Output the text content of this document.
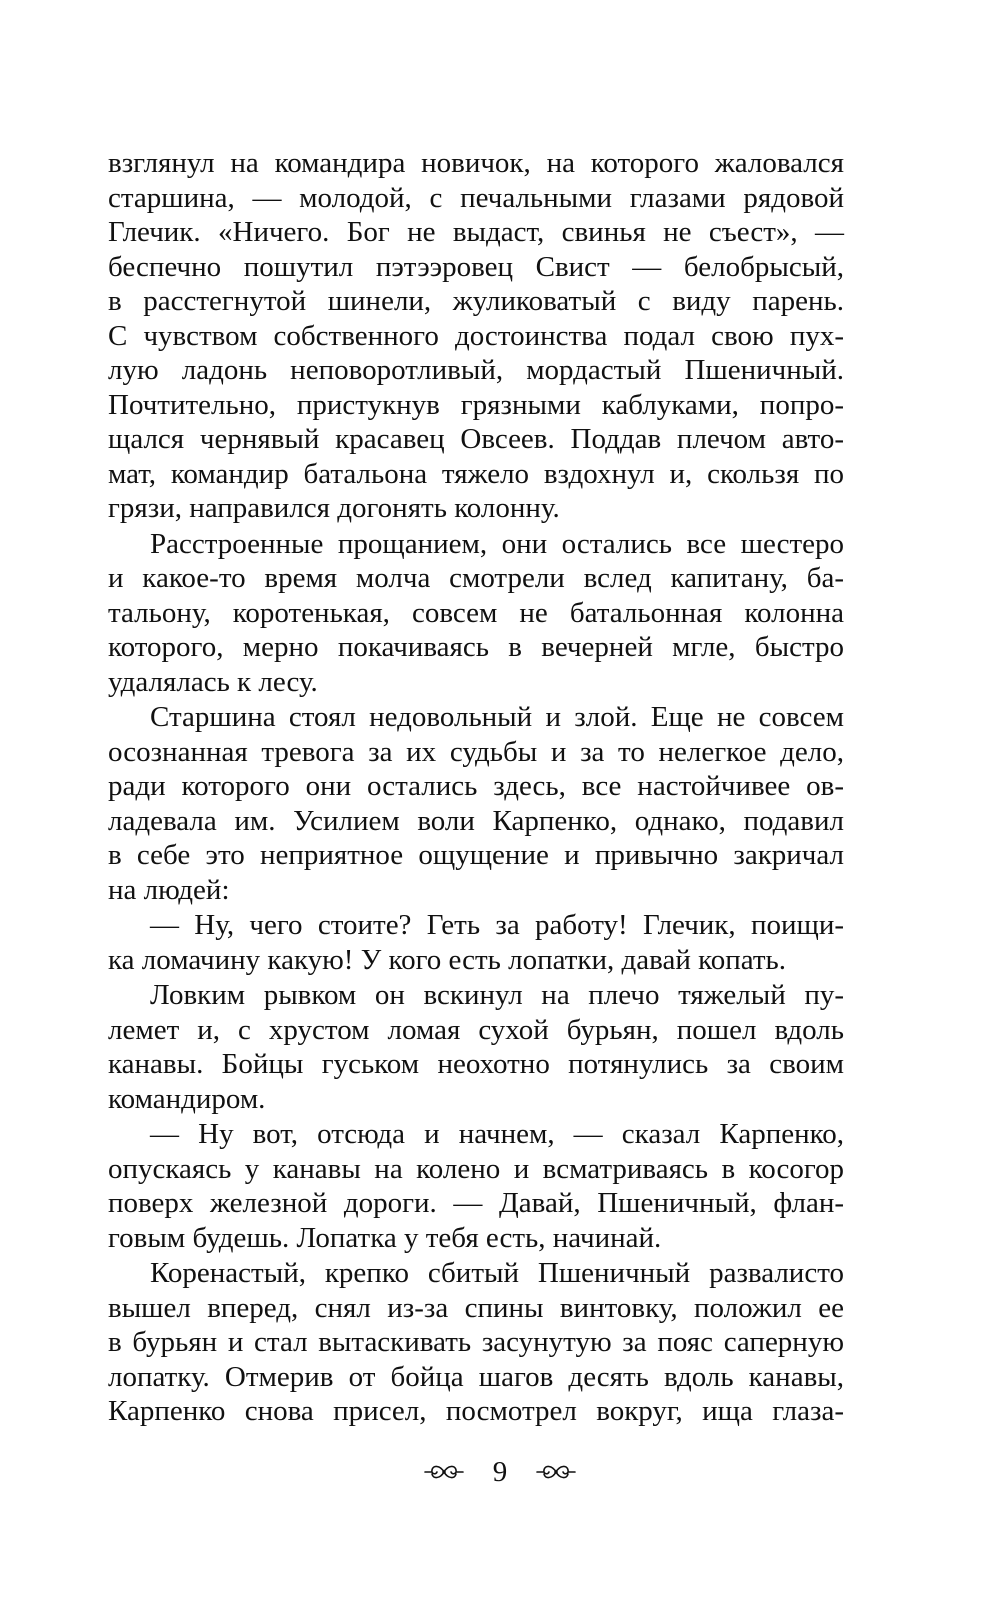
взглянул на командира новичок, на которого жаловался
старшина, — молодой, с печальными глазами рядовой
Глечик. «Ничего. Бог не выдаст, свинья не съест», —
беспечно пошутил пэтээровец Свист — белобрысый,
в расстегнутой шинели, жуликоватый с виду парень.
С чувством собственного достоинства подал свою пух-
лую ладонь неповоротливый, мордастый Пшеничный.
Почтительно, пристукнув грязными каблуками, попро-
щался чернявый красавец Овсеев. Поддав плечом авто-
мат, командир батальона тяжело вздохнул и, скользя по
грязи, направился догонять колонну.
Расстроенные прощанием, они остались все шестеро
и какое-то время молча смотрели вслед капитану, ба-
тальону, коротенькая, совсем не батальонная колонна
которого, мерно покачиваясь в вечерней мгле, быстро
удалялась к лесу.
Старшина стоял недовольный и злой. Еще не совсем
осознанная тревога за их судьбы и за то нелегкое дело,
ради которого они остались здесь, все настойчивее ов-
ладевала им. Усилием воли Карпенко, однако, подавил
в себе это неприятное ощущение и привычно закричал
на людей:
— Ну, чего стоите? Геть за работу! Глечик, поищи-
ка ломачину какую! У кого есть лопатки, давай копать.
Ловким рывком он вскинул на плечо тяжелый пу-
лемет и, с хрустом ломая сухой бурьян, пошел вдоль
канавы. Бойцы гуськом неохотно потянулись за своим
командиром.
— Ну вот, отсюда и начнем, — сказал Карпенко,
опускаясь у канавы на колено и всматриваясь в косогор
поверх железной дороги. — Давай, Пшеничный, флан-
говым будешь. Лопатка у тебя есть, начинай.
Коренастый, крепко сбитый Пшеничный развалисто
вышел вперед, снял из-за спины винтовку, положил ее
в бурьян и стал вытаскивать засунутую за пояс саперную
лопатку. Отмерив от бойца шагов десять вдоль канавы,
Карпенко снова присел, посмотрел вокруг, ища глаза-
9
